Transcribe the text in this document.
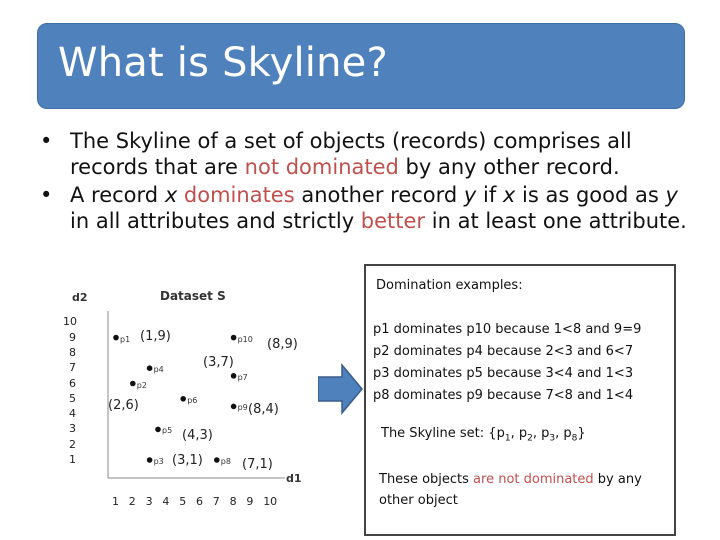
What is Skyline?
• The Skyline of a set of objects (records) comprises all records that are not dominated by any other record.
• A record x dominates another record y if x is as good as y in all attributes and strictly better in at least one attribute.
Dataset S
d2
d1
1 2 3 4 5 6 7 8 9 10
10
9
8
7
6
5
4
3
2
1
p1	p10
p4
p7
p2
p6
p9
p5
p3	p8
(1,9)
(8,9)
(3,7)
(2,6)	(8,4)
(4,3)
(3,1)	(7,1)
Domination examples:
p1 dominates p10 because 1<8 and 9=9
p2 dominates p4 because 2<3 and 6<7
p3 dominates p5 because 3<4 and 1<3
p8 dominates p9 because 7<8 and 1<4
The Skyline set: {$p_1$, $p_2$, $p_3$, $p_8$}
These objects are not dominated by any other object
